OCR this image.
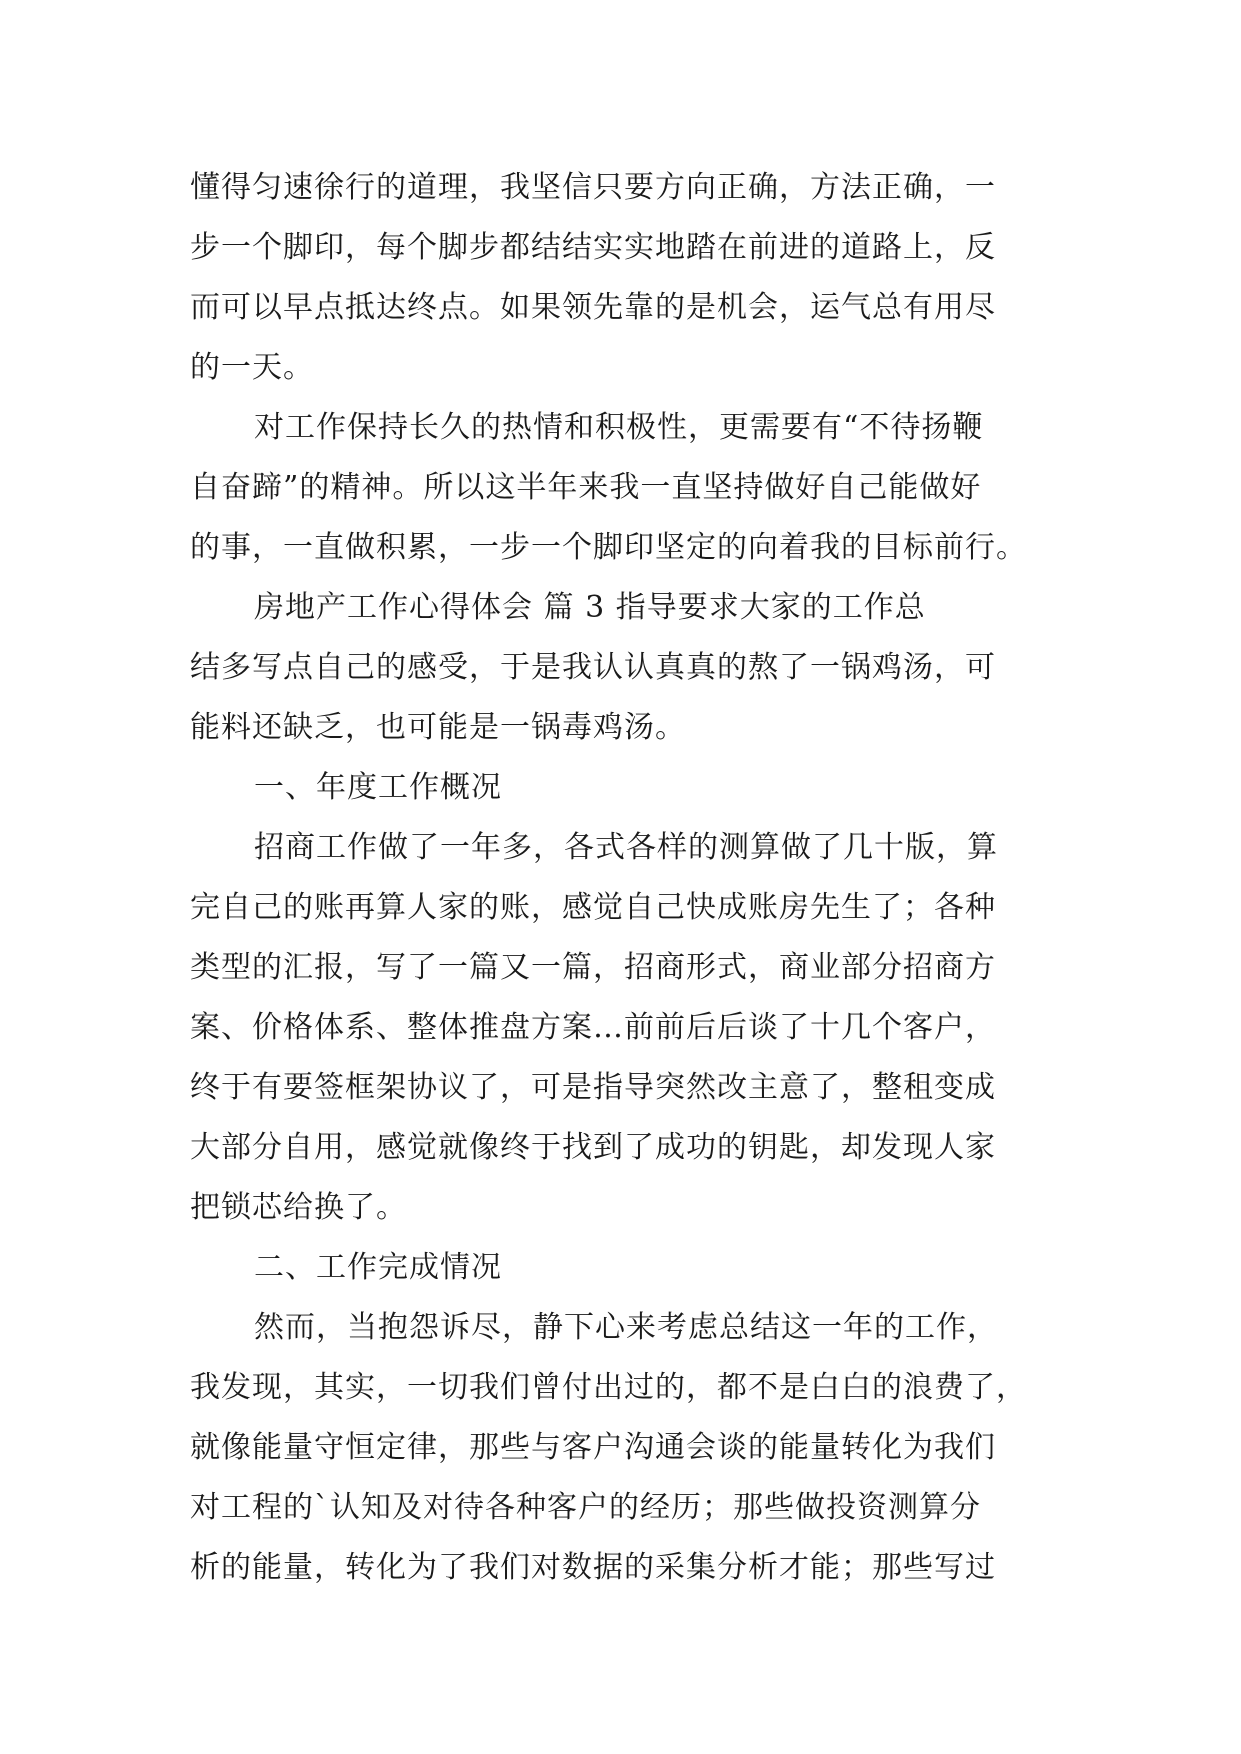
懂得匀速徐行的道理，我坚信只要方向正确，方法正确，一
步一个脚印，每个脚步都结结实实地踏在前进的道路上，反
而可以早点抵达终点。如果领先靠的是机会，运气总有用尽
的一天。
对工作保持长久的热情和积极性，更需要有“不待扬鞭
自奋蹄”的精神。所以这半年来我一直坚持做好自己能做好
的事，一直做积累，一步一个脚印坚定的向着我的目标前行。
房地产工作心得体会 篇 3 指导要求大家的工作总
结多写点自己的感受，于是我认认真真的熬了一锅鸡汤，可
能料还缺乏，也可能是一锅毒鸡汤。
一、年度工作概况
招商工作做了一年多，各式各样的测算做了几十版，算
完自己的账再算人家的账，感觉自己快成账房先生了；各种
类型的汇报，写了一篇又一篇，招商形式，商业部分招商方
案、价格体系、整体推盘方案…前前后后谈了十几个客户，
终于有要签框架协议了，可是指导突然改主意了，整租变成
大部分自用，感觉就像终于找到了成功的钥匙，却发现人家
把锁芯给换了。
二、工作完成情况
然而，当抱怨诉尽，静下心来考虑总结这一年的工作，
我发现，其实，一切我们曾付出过的，都不是白白的浪费了，
就像能量守恒定律，那些与客户沟通会谈的能量转化为我们
对工程的`认知及对待各种客户的经历；那些做投资测算分
析的能量，转化为了我们对数据的采集分析才能；那些写过
